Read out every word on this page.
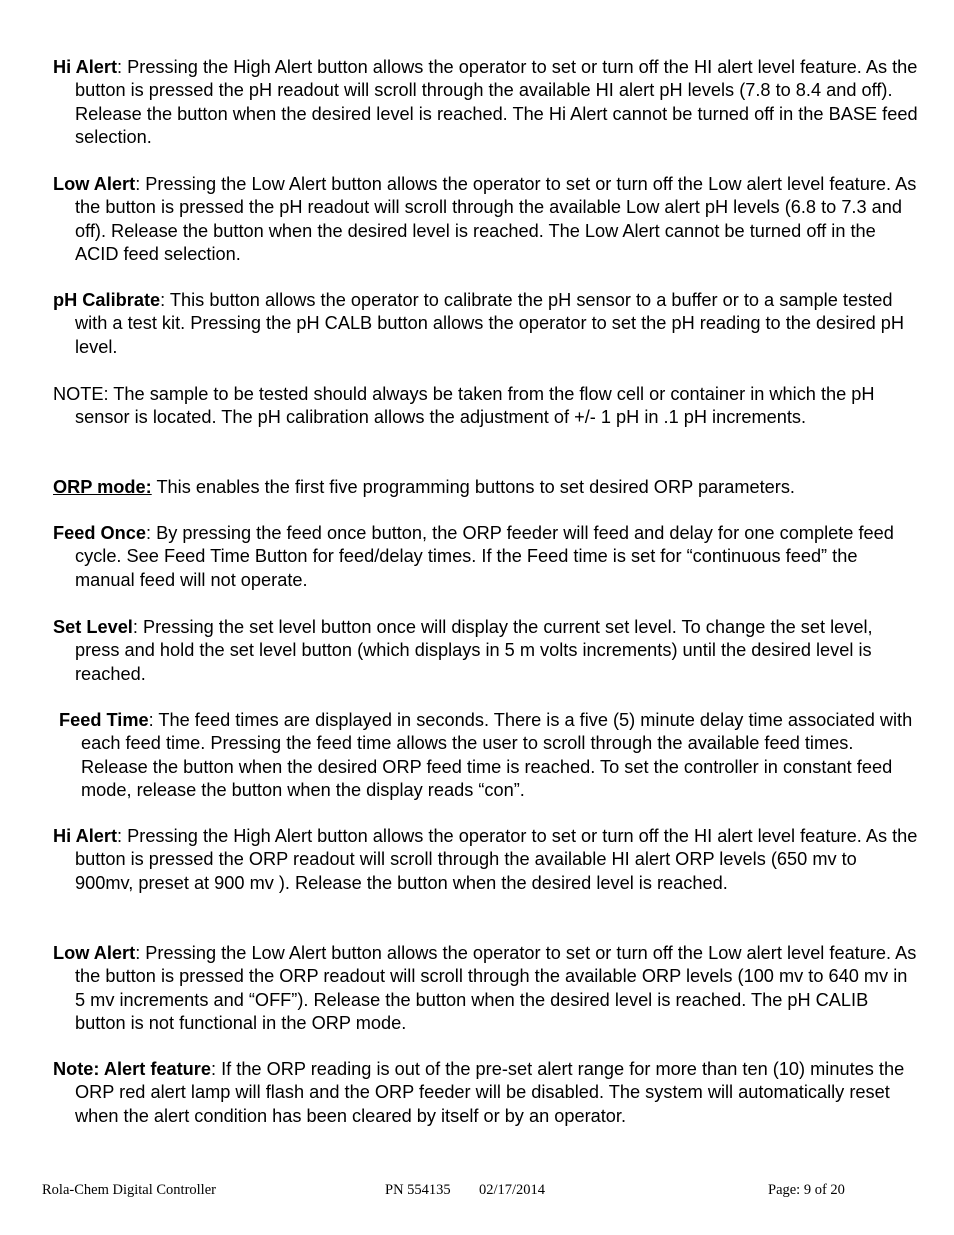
Hi Alert: Pressing the High Alert button allows the operator to set or turn off the HI alert level feature. As the button is pressed the pH readout will scroll through the available HI alert pH levels (7.8 to 8.4 and off). Release the button when the desired level is reached. The Hi Alert cannot be turned off in the BASE feed selection.

Low Alert: Pressing the Low Alert button allows the operator to set or turn off the Low alert level feature. As the button is pressed the pH readout will scroll through the available Low alert pH levels (6.8 to 7.3 and off). Release the button when the desired level is reached. The Low Alert cannot be turned off in the ACID feed selection.

pH Calibrate: This button allows the operator to calibrate the pH sensor to a buffer or to a sample tested with a test kit. Pressing the pH CALB button allows the operator to set the pH reading to the desired pH level.

NOTE: The sample to be tested should always be taken from the flow cell or container in which the pH sensor is located. The pH calibration allows the adjustment of +/- 1 pH in .1 pH increments.

ORP mode: This enables the first five programming buttons to set desired ORP parameters.

Feed Once: By pressing the feed once button, the ORP feeder will feed and delay for one complete feed cycle. See Feed Time Button for feed/delay times. If the Feed time is set for “continuous feed” the manual feed will not operate.

Set Level: Pressing the set level button once will display the current set level. To change the set level, press and hold the set level button (which displays in 5 m volts increments) until the desired level is reached.

Feed Time: The feed times are displayed in seconds. There is a five (5) minute delay time associated with each feed time. Pressing the feed time allows the user to scroll through the available feed times. Release the button when the desired ORP feed time is reached. To set the controller in constant feed mode, release the button when the display reads “con”.

Hi Alert: Pressing the High Alert button allows the operator to set or turn off the HI alert level feature. As the button is pressed the ORP readout will scroll through the available HI alert ORP levels (650 mv to 900mv, preset at 900 mv ). Release the button when the desired level is reached.

Low Alert: Pressing the Low Alert button allows the operator to set or turn off the Low alert level feature. As the button is pressed the ORP readout will scroll through the available ORP levels (100 mv to 640 mv in 5 mv increments and “OFF”). Release the button when the desired level is reached. The pH CALIB button is not functional in the ORP mode.

Note: Alert feature: If the ORP reading is out of the pre-set alert range for more than ten (10) minutes the ORP red alert lamp will flash and the ORP feeder will be disabled. The system will automatically reset when the alert condition has been cleared by itself or by an operator.

Rola-Chem Digital Controller	PN 554135 02/17/2014	Page: 9 of 20
